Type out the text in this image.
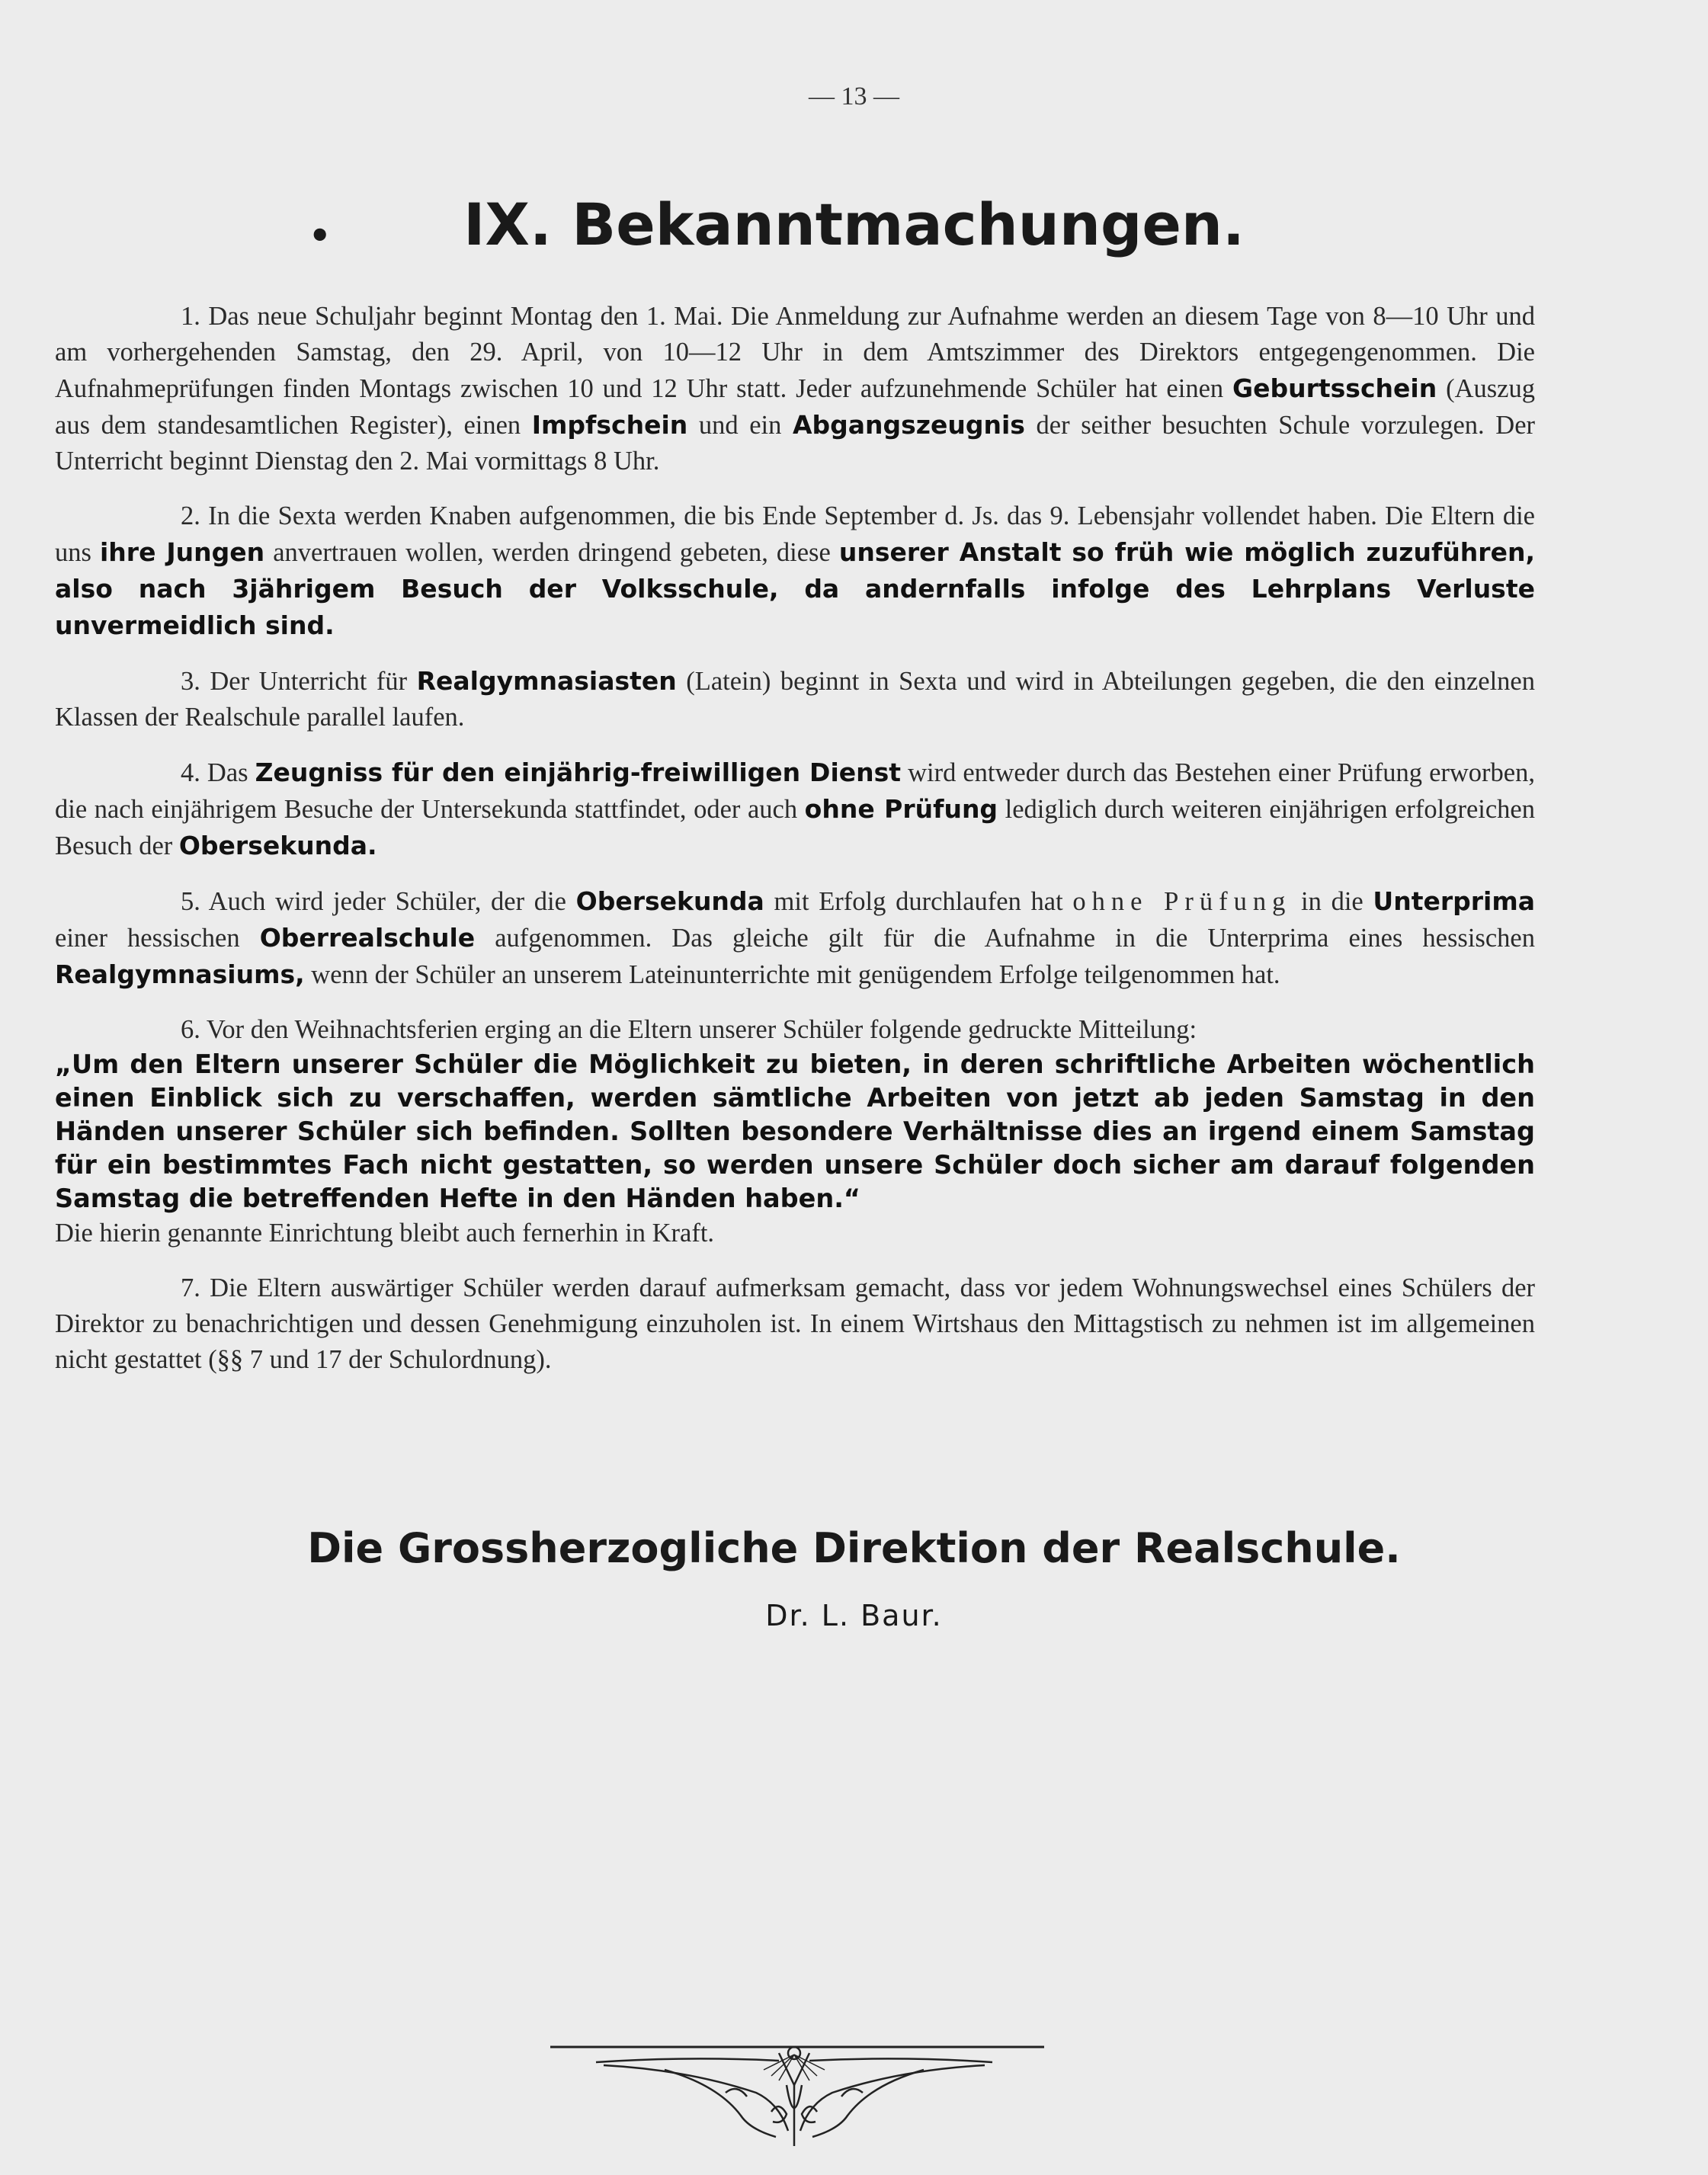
— 13 —
• IX. Bekanntmachungen.

1. Das neue Schuljahr beginnt Montag den 1. Mai. Die Anmeldung zur Aufnahme werden an diesem Tage von 8—10 Uhr und am vorhergehenden Samstag, den 29. April, von 10—12 Uhr in dem Amtszimmer des Direktors entgegengenommen. Die Aufnahmeprüfungen finden Montags zwischen 10 und 12 Uhr statt. Jeder aufzunehmende Schüler hat einen Geburtsschein (Auszug aus dem standesamtlichen Register), einen Impfschein und ein Abgangszeugnis der seither besuchten Schule vorzulegen. Der Unterricht beginnt Dienstag den 2. Mai vormittags 8 Uhr.

2. In die Sexta werden Knaben aufgenommen, die bis Ende September d. Js. das 9. Lebensjahr vollendet haben. Die Eltern die uns ihre Jungen anvertrauen wollen, werden dringend gebeten, diese unserer Anstalt so früh wie möglich zuzuführen, also nach 3jährigem Besuch der Volksschule, da andernfalls infolge des Lehrplans Verluste unvermeidlich sind.

3. Der Unterricht für Realgymnasiasten (Latein) beginnt in Sexta und wird in Abteilungen gegeben, die den einzelnen Klassen der Realschule parallel laufen.

4. Das Zeugniss für den einjährig-freiwilligen Dienst wird entweder durch das Bestehen einer Prüfung erworben, die nach einjährigem Besuche der Untersekunda stattfindet, oder auch ohne Prüfung lediglich durch weiteren einjährigen erfolgreichen Besuch der Obersekunda.

5. Auch wird jeder Schüler, der die Obersekunda mit Erfolg durchlaufen hat ohne Prüfung in die Unterprima einer hessischen Oberrealschule aufgenommen. Das gleiche gilt für die Aufnahme in die Unterprima eines hessischen Realgymnasiums, wenn der Schüler an unserem Lateinunterrichte mit genügendem Erfolge teilgenommen hat.

6. Vor den Weihnachtsferien erging an die Eltern unserer Schüler folgende gedruckte Mitteilung:
„Um den Eltern unserer Schüler die Möglichkeit zu bieten, in deren schriftliche Arbeiten wöchentlich einen Einblick sich zu verschaffen, werden sämtliche Arbeiten von jetzt ab jeden Samstag in den Händen unserer Schüler sich befinden. Sollten besondere Verhältnisse dies an irgend einem Samstag für ein bestimmtes Fach nicht gestatten, so werden unsere Schüler doch sicher am darauf folgenden Samstag die betreffenden Hefte in den Händen haben.“
Die hierin genannte Einrichtung bleibt auch fernerhin in Kraft.

7. Die Eltern auswärtiger Schüler werden darauf aufmerksam gemacht, dass vor jedem Wohnungswechsel eines Schülers der Direktor zu benachrichtigen und dessen Genehmigung einzuholen ist. In einem Wirtshaus den Mittagstisch zu nehmen ist im allgemeinen nicht gestattet (§§ 7 und 17 der Schulordnung).

Die Grossherzogliche Direktion der Realschule.
Dr. L. Baur.
